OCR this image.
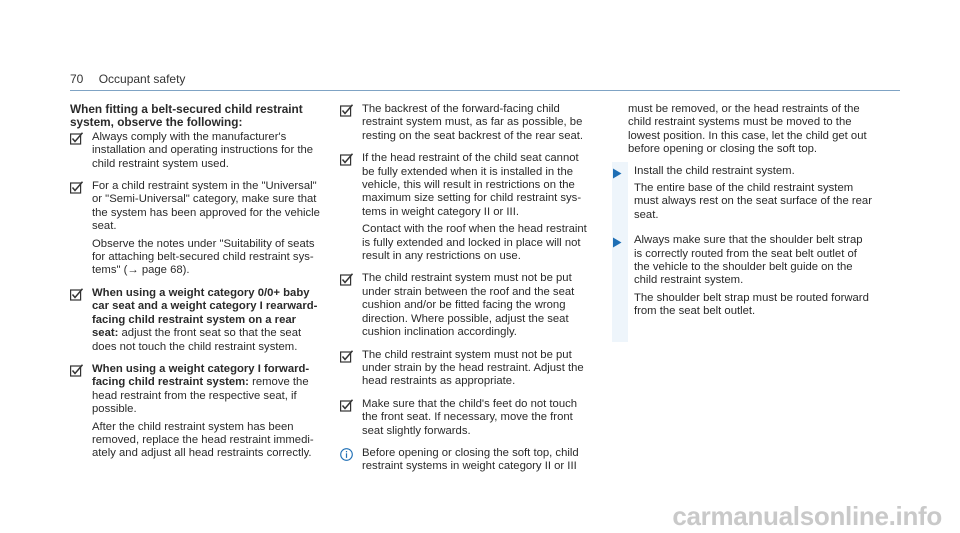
70 Occupant safety
When fitting a belt-secured child restraint system, observe the following:

Always comply with the manufacturer's installation and operating instructions for the child restraint system used.

For a child restraint system in the "Universal" or "Semi-Universal" category, make sure that the system has been approved for the vehicle seat.

Observe the notes under "Suitability of seats for attaching belt-secured child restraint sys-tems" (→ page 68).

When using a weight category 0/0+ baby car seat and a weight category I rearward-facing child restraint system on a rear seat: adjust the front seat so that the seat does not touch the child restraint system.

When using a weight category I forward-facing child restraint system: remove the head restraint from the respective seat, if possible.

After the child restraint system has been removed, replace the head restraint immedi-ately and adjust all head restraints correctly.

The backrest of the forward-facing child restraint system must, as far as possible, be resting on the seat backrest of the rear seat.

If the head restraint of the child seat cannot be fully extended when it is installed in the vehicle, this will result in restrictions on the maximum size setting for child restraint sys-tems in weight category II or III.

Contact with the roof when the head restraint is fully extended and locked in place will not result in any restrictions on use.

The child restraint system must not be put under strain between the roof and the seat cushion and/or be fitted facing the wrong direction. Where possible, adjust the seat cushion inclination accordingly.

The child restraint system must not be put under strain by the head restraint. Adjust the head restraints as appropriate.

Make sure that the child's feet do not touch the front seat. If necessary, move the front seat slightly forwards.

Before opening or closing the soft top, child restraint systems in weight category II or III

must be removed, or the head restraints of the child restraint systems must be moved to the lowest position. In this case, let the child get out before opening or closing the soft top.

Install the child restraint system.

The entire base of the child restraint system must always rest on the seat surface of the rear seat.

Always make sure that the shoulder belt strap is correctly routed from the seat belt outlet of the vehicle to the shoulder belt guide on the child restraint system.

The shoulder belt strap must be routed forward from the seat belt outlet.

carmanualsonline.info
